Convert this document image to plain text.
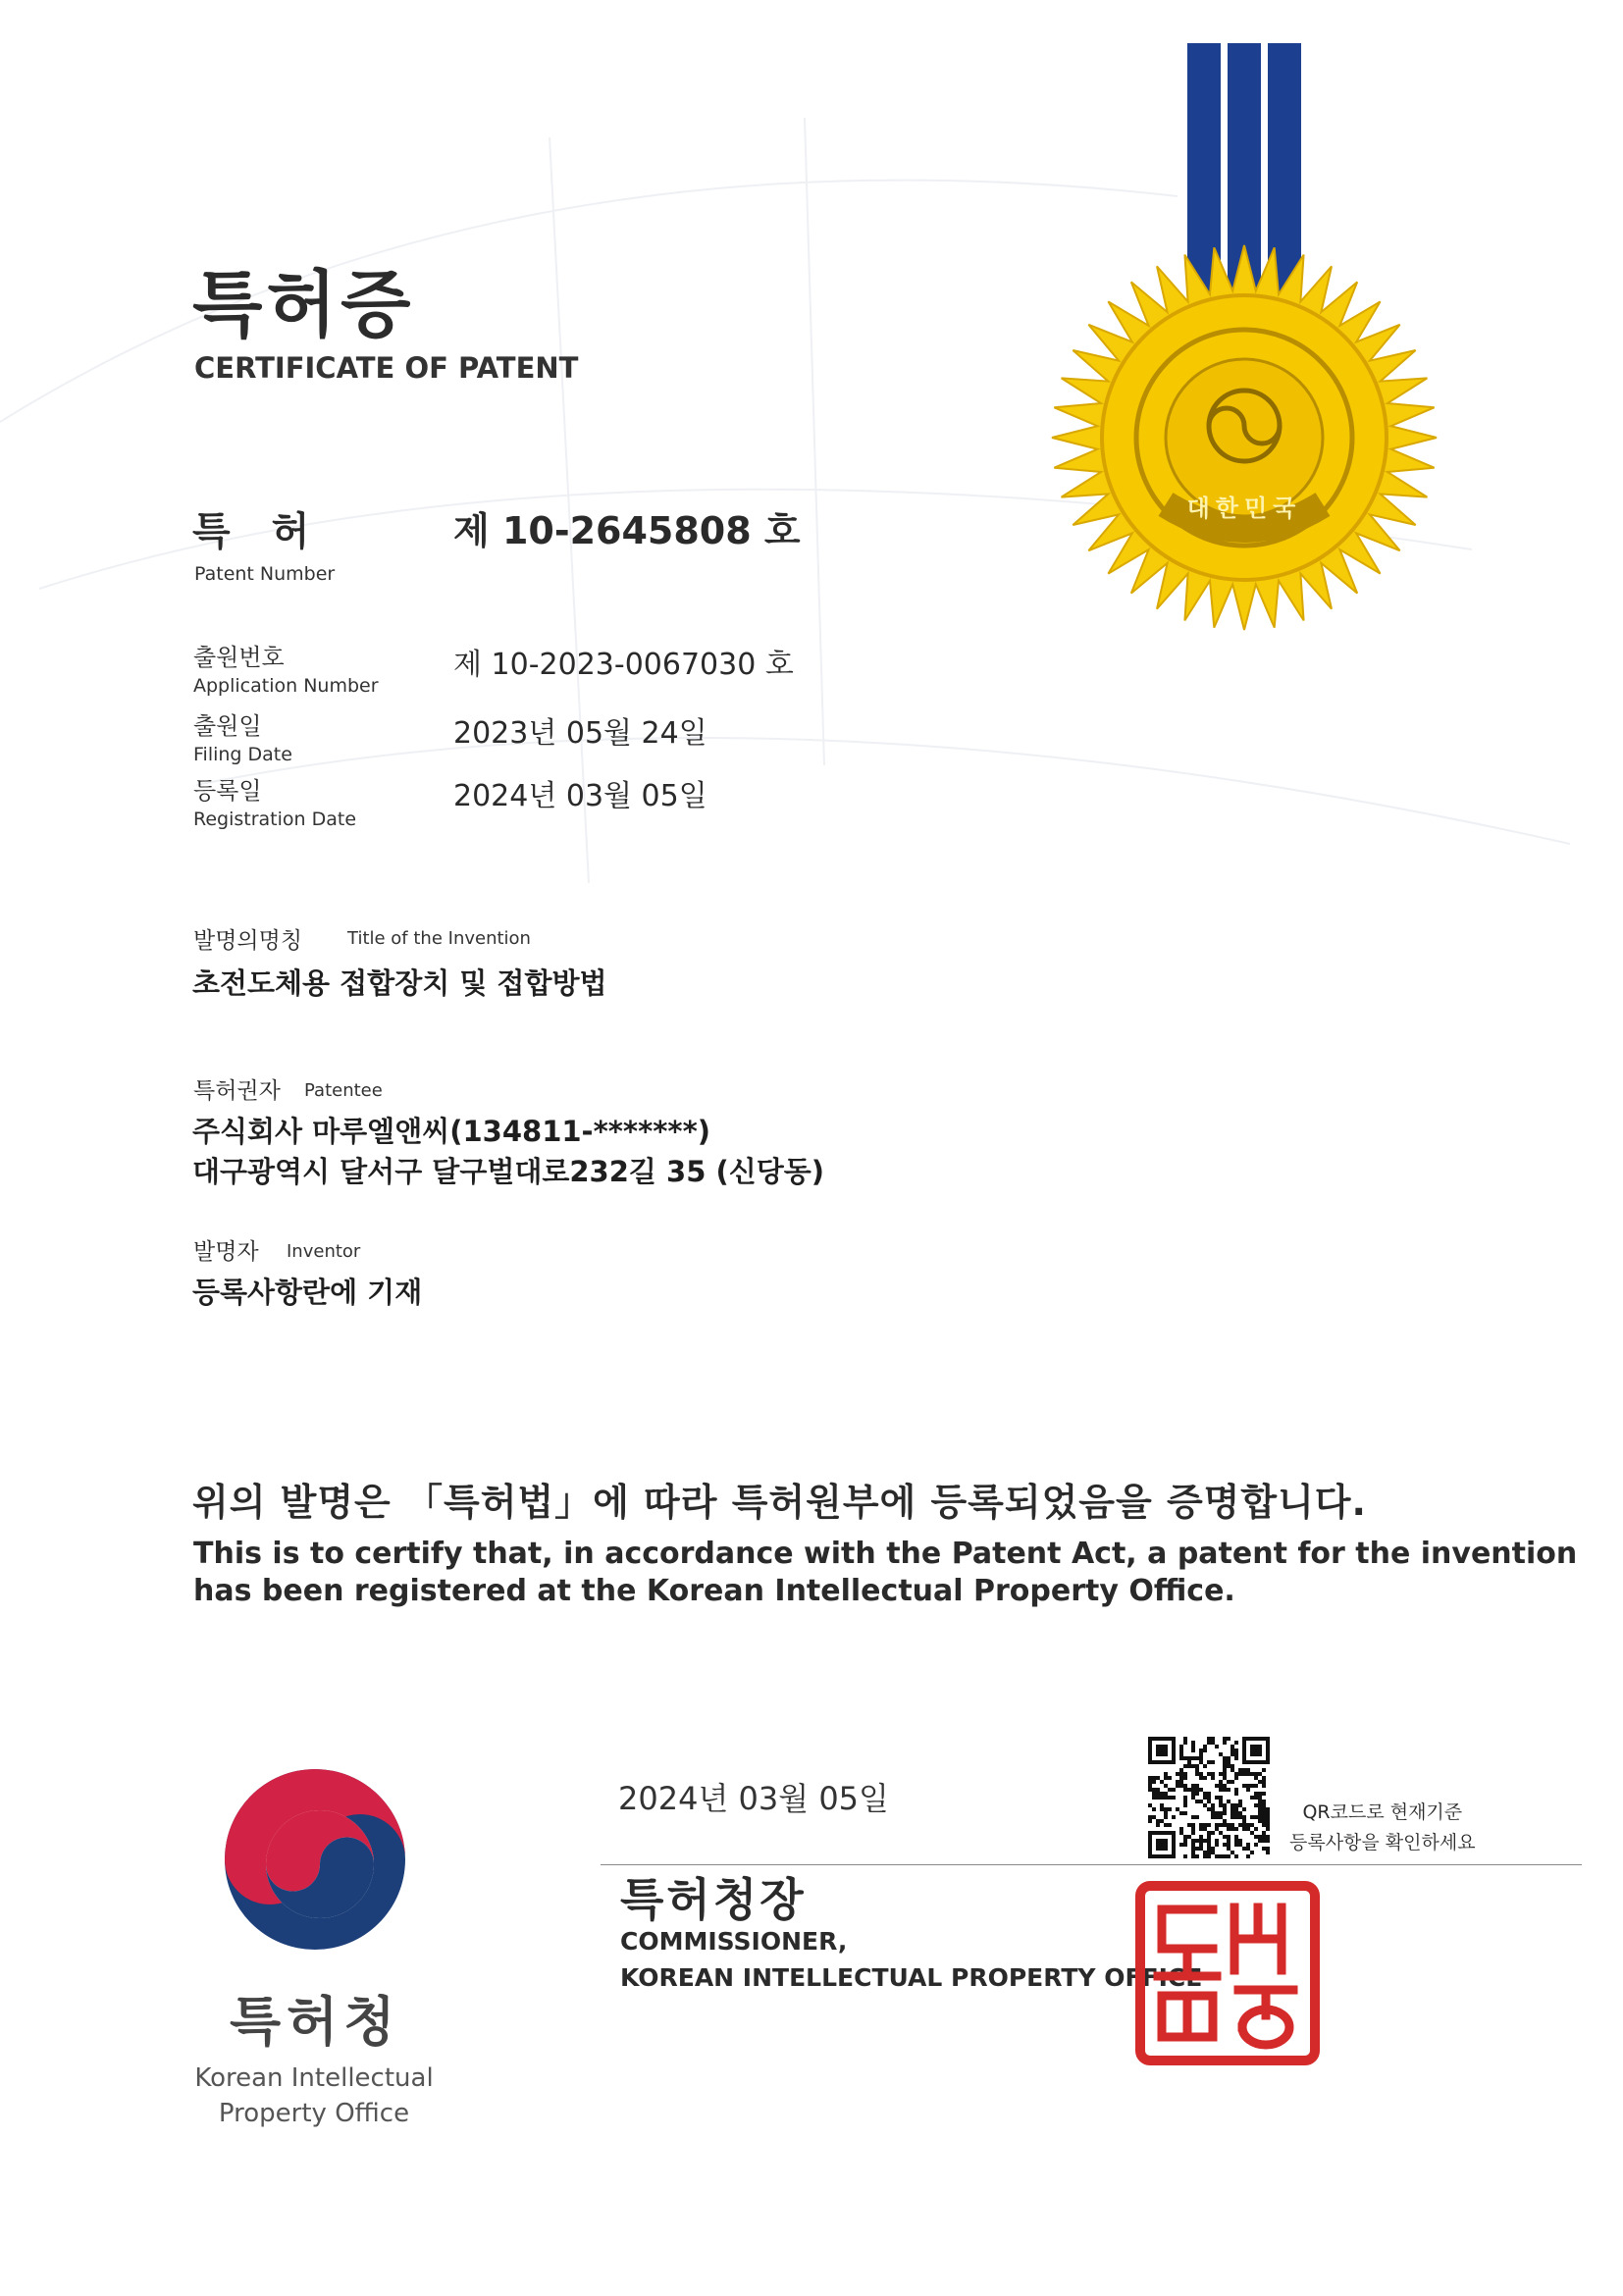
특허증
CERTIFICATE OF PATENT
대한민국
특 허
Patent Number
제 10-2645808 호
출원번호
Application Number
제 10-2023-0067030 호
출원일
Filing Date
2023년 05월 24일
등록일
Registration Date
2024년 03월 05일
발명의명칭	Title of the Invention
초전도체용 접합장치 및 접합방법
특허권자 Patentee
주식회사 마루엘앤씨(134811-*******)
대구광역시 달서구 달구벌대로232길 35 (신당동)
발명자 Inventor
등록사항란에 기재
위의 발명은 「특허법」에 따라 특허원부에 등록되었음을 증명합니다.
This is to certify that, in accordance with the Patent Act, a patent for the invention
has been registered at the Korean Intellectual Property Office.
특허청
Korean Intellectual
Property Office
2024년 03월 05일	QR코드로 현재기준
등록사항을 확인하세요
특허청장
COMMISSIONER,
KOREAN INTELLECTUAL PROPERTY OFFICE
